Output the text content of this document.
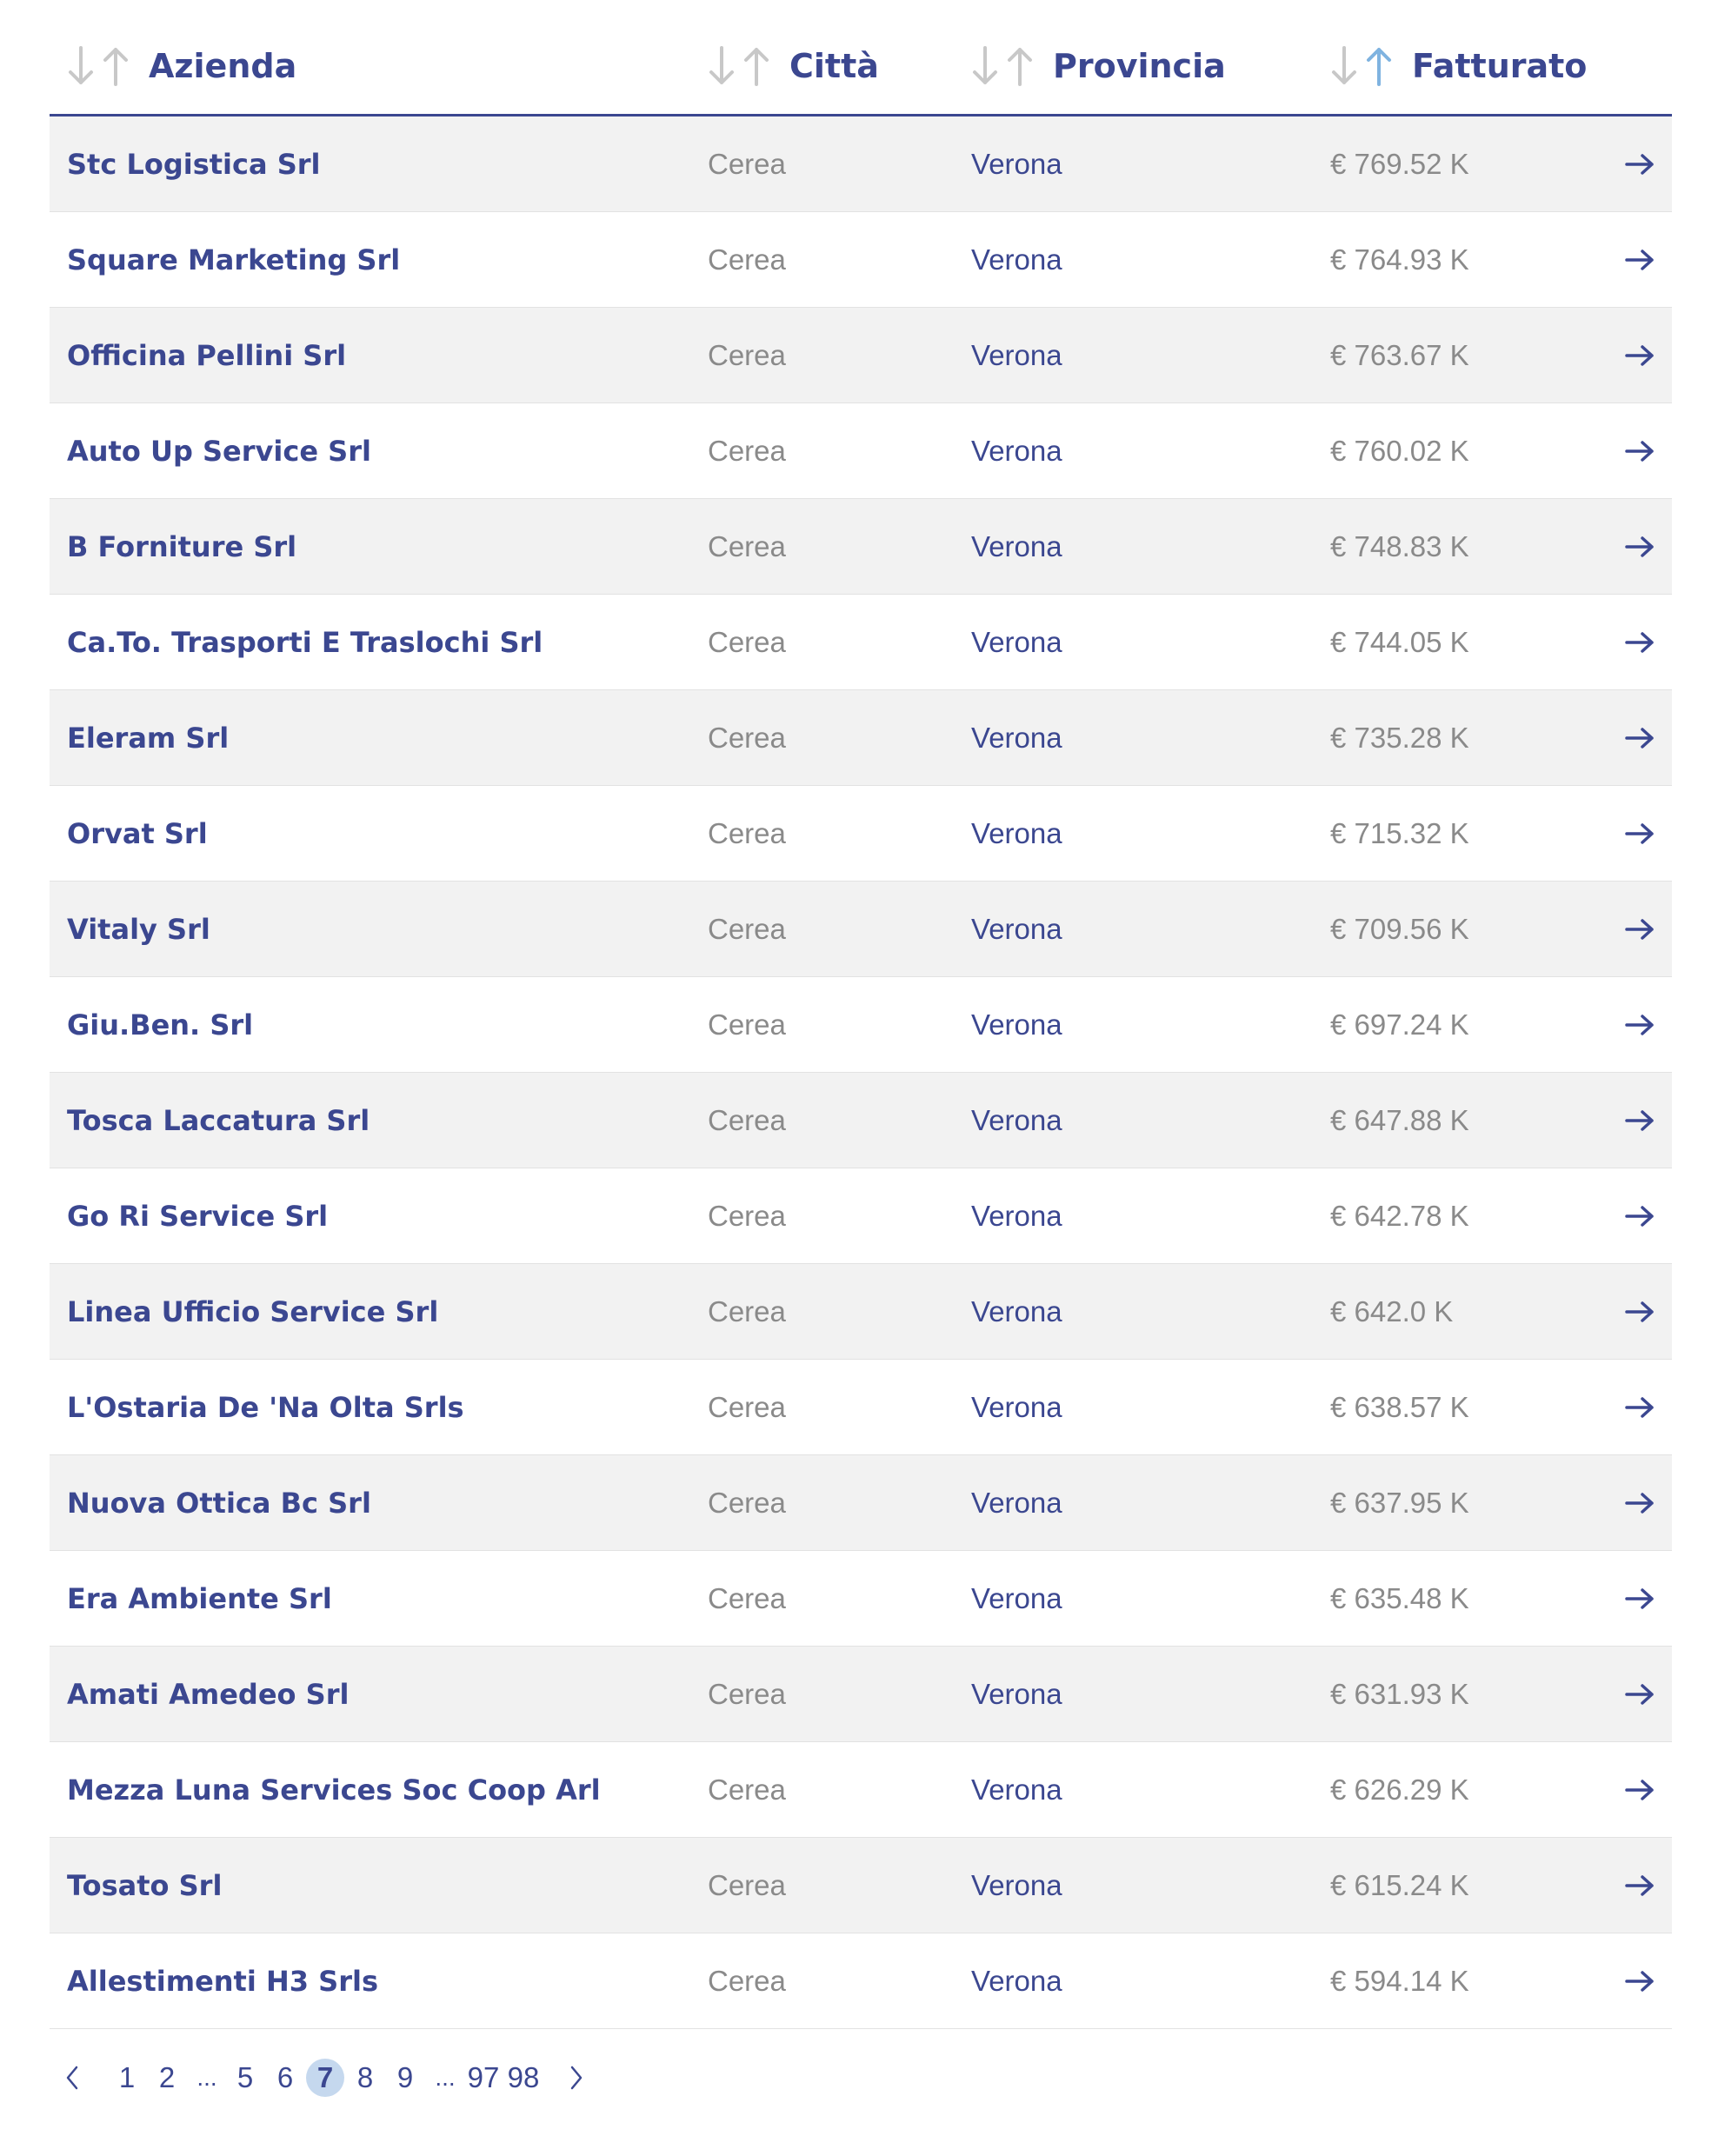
Azienda	Città	Provincia	Fatturato
Stc Logistica Srl	Cerea	Verona	€ 769.52 K
Square Marketing Srl	Cerea	Verona	€ 764.93 K
Officina Pellini Srl	Cerea	Verona	€ 763.67 K
Auto Up Service Srl	Cerea	Verona	€ 760.02 K
B Forniture Srl	Cerea	Verona	€ 748.83 K
Ca.To. Trasporti E Traslochi Srl	Cerea	Verona	€ 744.05 K
Eleram Srl	Cerea	Verona	€ 735.28 K
Orvat Srl	Cerea	Verona	€ 715.32 K
Vitaly Srl	Cerea	Verona	€ 709.56 K
Giu.Ben. Srl	Cerea	Verona	€ 697.24 K
Tosca Laccatura Srl	Cerea	Verona	€ 647.88 K
Go Ri Service Srl	Cerea	Verona	€ 642.78 K
Linea Ufficio Service Srl	Cerea	Verona	€ 642.0 K
L'Ostaria De 'Na Olta Srls	Cerea	Verona	€ 638.57 K
Nuova Ottica Bc Srl	Cerea	Verona	€ 637.95 K
Era Ambiente Srl	Cerea	Verona	€ 635.48 K
Amati Amedeo Srl	Cerea	Verona	€ 631.93 K
Mezza Luna Services Soc Coop Arl	Cerea	Verona	€ 626.29 K
Tosato Srl	Cerea	Verona	€ 615.24 K
Allestimenti H3 Srls	Cerea	Verona	€ 594.14 K
1 2 ... 5 6 7 8 9 ... 97 98
